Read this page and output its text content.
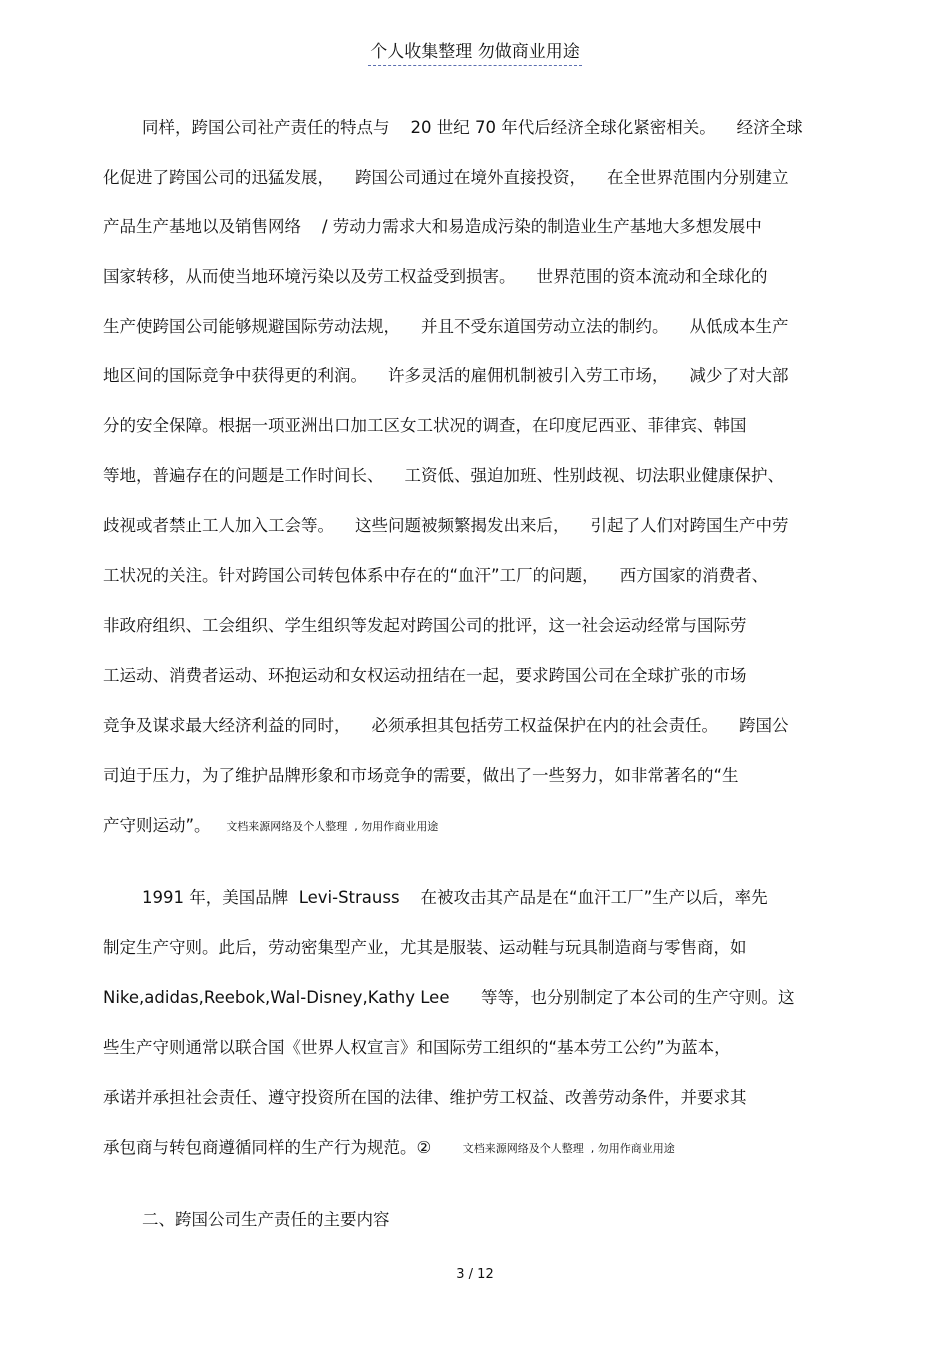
个人收集整理 勿做商业用途
同样，跨国公司社产责任的特点与    20 世纪 70 年代后经济全球化紧密相关。    经济全球
化促进了跨国公司的迅猛发展，    跨国公司通过在境外直接投资，    在全世界范围内分别建立
产品生产基地以及销售网络    / 劳动力需求大和易造成污染的制造业生产基地大多想发展中
国家转移，从而使当地环境污染以及劳工权益受到损害。    世界范围的资本流动和全球化的
生产使跨国公司能够规避国际劳动法规，    并且不受东道国劳动立法的制约。    从低成本生产
地区间的国际竞争中获得更的利润。    许多灵活的雇佣机制被引入劳工市场，    减少了对大部
分的安全保障。根据一项亚洲出口加工区女工状况的调查，在印度尼西亚、菲律宾、韩国
等地，普遍存在的问题是工作时间长、    工资低、强迫加班、性别歧视、切法职业健康保护、
歧视或者禁止工人加入工会等。    这些问题被频繁揭发出来后，    引起了人们对跨国生产中劳
工状况的关注。针对跨国公司转包体系中存在的“血汗”工厂的问题，    西方国家的消费者、
非政府组织、工会组织、学生组织等发起对跨国公司的批评，这一社会运动经常与国际劳
工运动、消费者运动、环抱运动和女权运动扭结在一起，要求跨国公司在全球扩张的市场
竞争及谋求最大经济利益的同时，    必须承担其包括劳工权益保护在内的社会责任。    跨国公
司迫于压力，为了维护品牌形象和市场竞争的需要，做出了一些努力，如非常著名的“生
产守则运动”。 文档来源网络及个人整理  , 勿用作商业用途
1991 年，美国品牌  Levi-Strauss    在被攻击其产品是在“血汗工厂”生产以后，率先
制定生产守则。此后，劳动密集型产业，尤其是服装、运动鞋与玩具制造商与零售商，如
Nike,adidas,Reebok,Wal-Disney,Kathy Lee      等等，也分别制定了本公司的生产守则。这
些生产守则通常以联合国《世界人权宣言》和国际劳工组织的“基本劳工公约”为蓝本，
承诺并承担社会责任、遵守投资所在国的法律、维护劳工权益、改善劳动条件，并要求其
承包商与转包商遵循同样的生产行为规范。②	文档来源网络及个人整理  , 勿用作商业用途
二、跨国公司生产责任的主要内容
3 / 12
